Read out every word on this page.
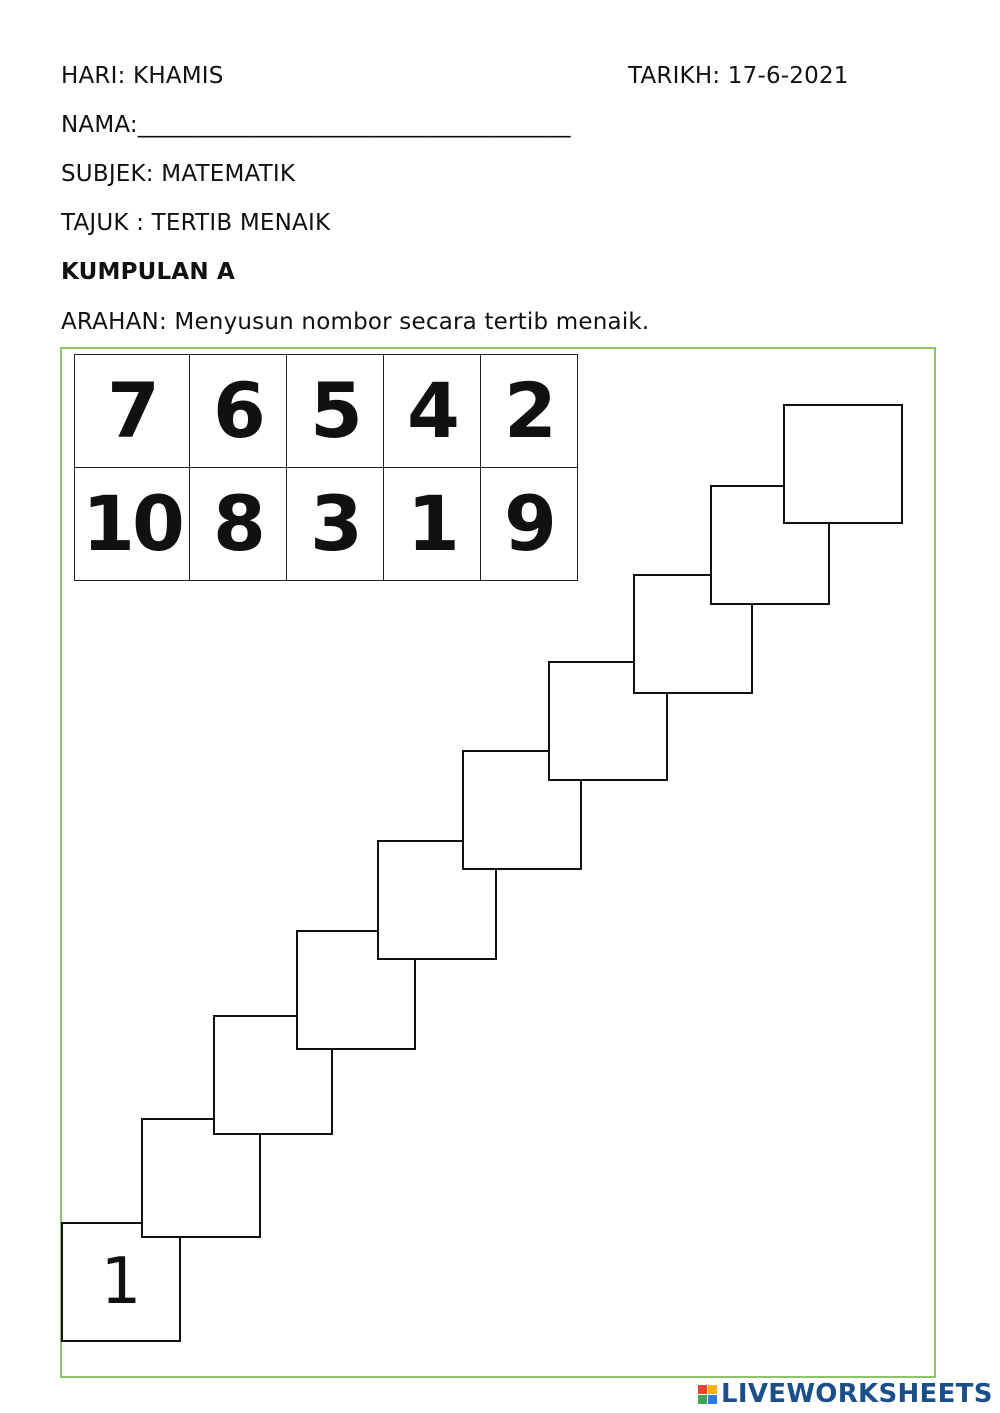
HARI: KHAMIS	TARIKH: 17-6-2021
NAMA:_____________________________________
SUBJEK: MATEMATIK
TAJUK : TERTIB MENAIK
KUMPULAN A
ARAHAN: Menyusun nombor secara tertib menaik.
7	6	5	4	2
10	8	3	1	9
1
LIVEWORKSHEETS
